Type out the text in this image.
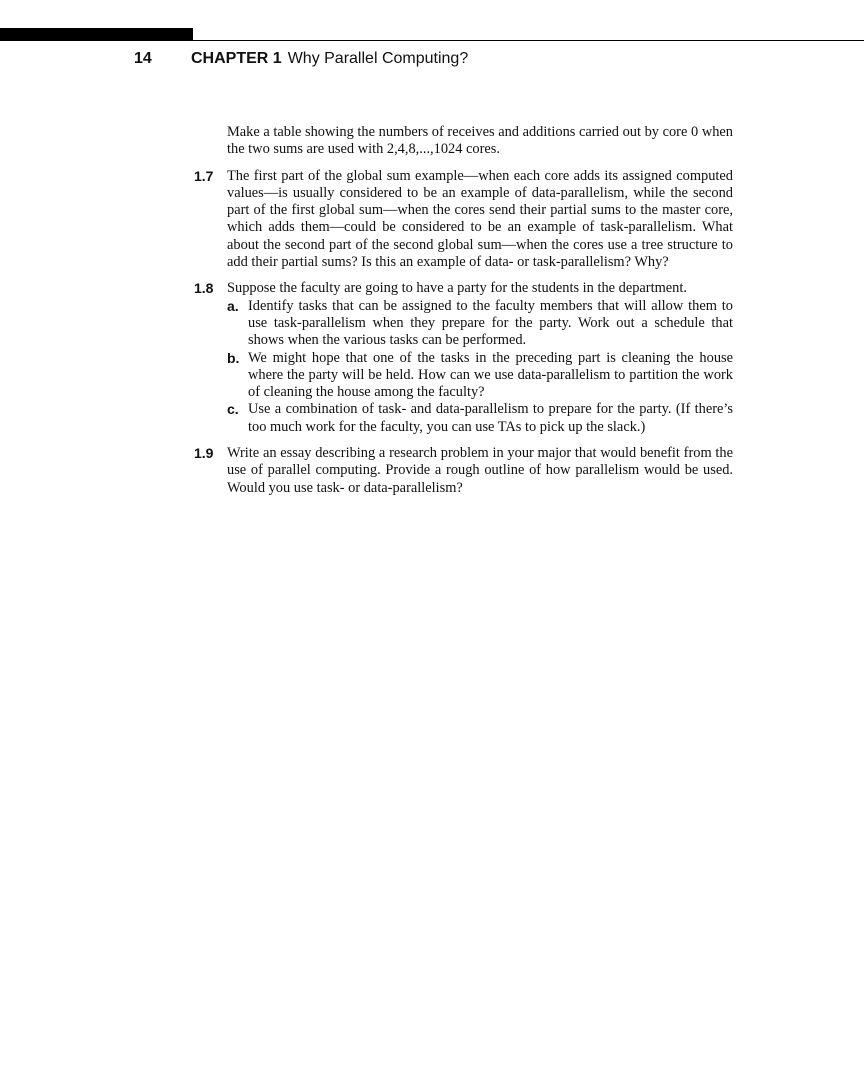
14 CHAPTER 1 Why Parallel Computing?

Make a table showing the numbers of receives and additions carried out by core 0 when the two sums are used with 2,4,8,...,1024 cores.

1.7 The first part of the global sum example—when each core adds its assigned computed values—is usually considered to be an example of data-parallelism, while the second part of the first global sum—when the cores send their partial sums to the master core, which adds them—could be considered to be an example of task-parallelism. What about the second part of the second global sum—when the cores use a tree structure to add their partial sums? Is this an example of data- or task-parallelism? Why?

1.8 Suppose the faculty are going to have a party for the students in the department.

a. Identify tasks that can be assigned to the faculty members that will allow them to use task-parallelism when they prepare for the party. Work out a schedule that shows when the various tasks can be performed.

b. We might hope that one of the tasks in the preceding part is cleaning the house where the party will be held. How can we use data-parallelism to partition the work of cleaning the house among the faculty?

c. Use a combination of task- and data-parallelism to prepare for the party. (If there’s too much work for the faculty, you can use TAs to pick up the slack.)

1.9 Write an essay describing a research problem in your major that would benefit from the use of parallel computing. Provide a rough outline of how parallelism would be used. Would you use task- or data-parallelism?
